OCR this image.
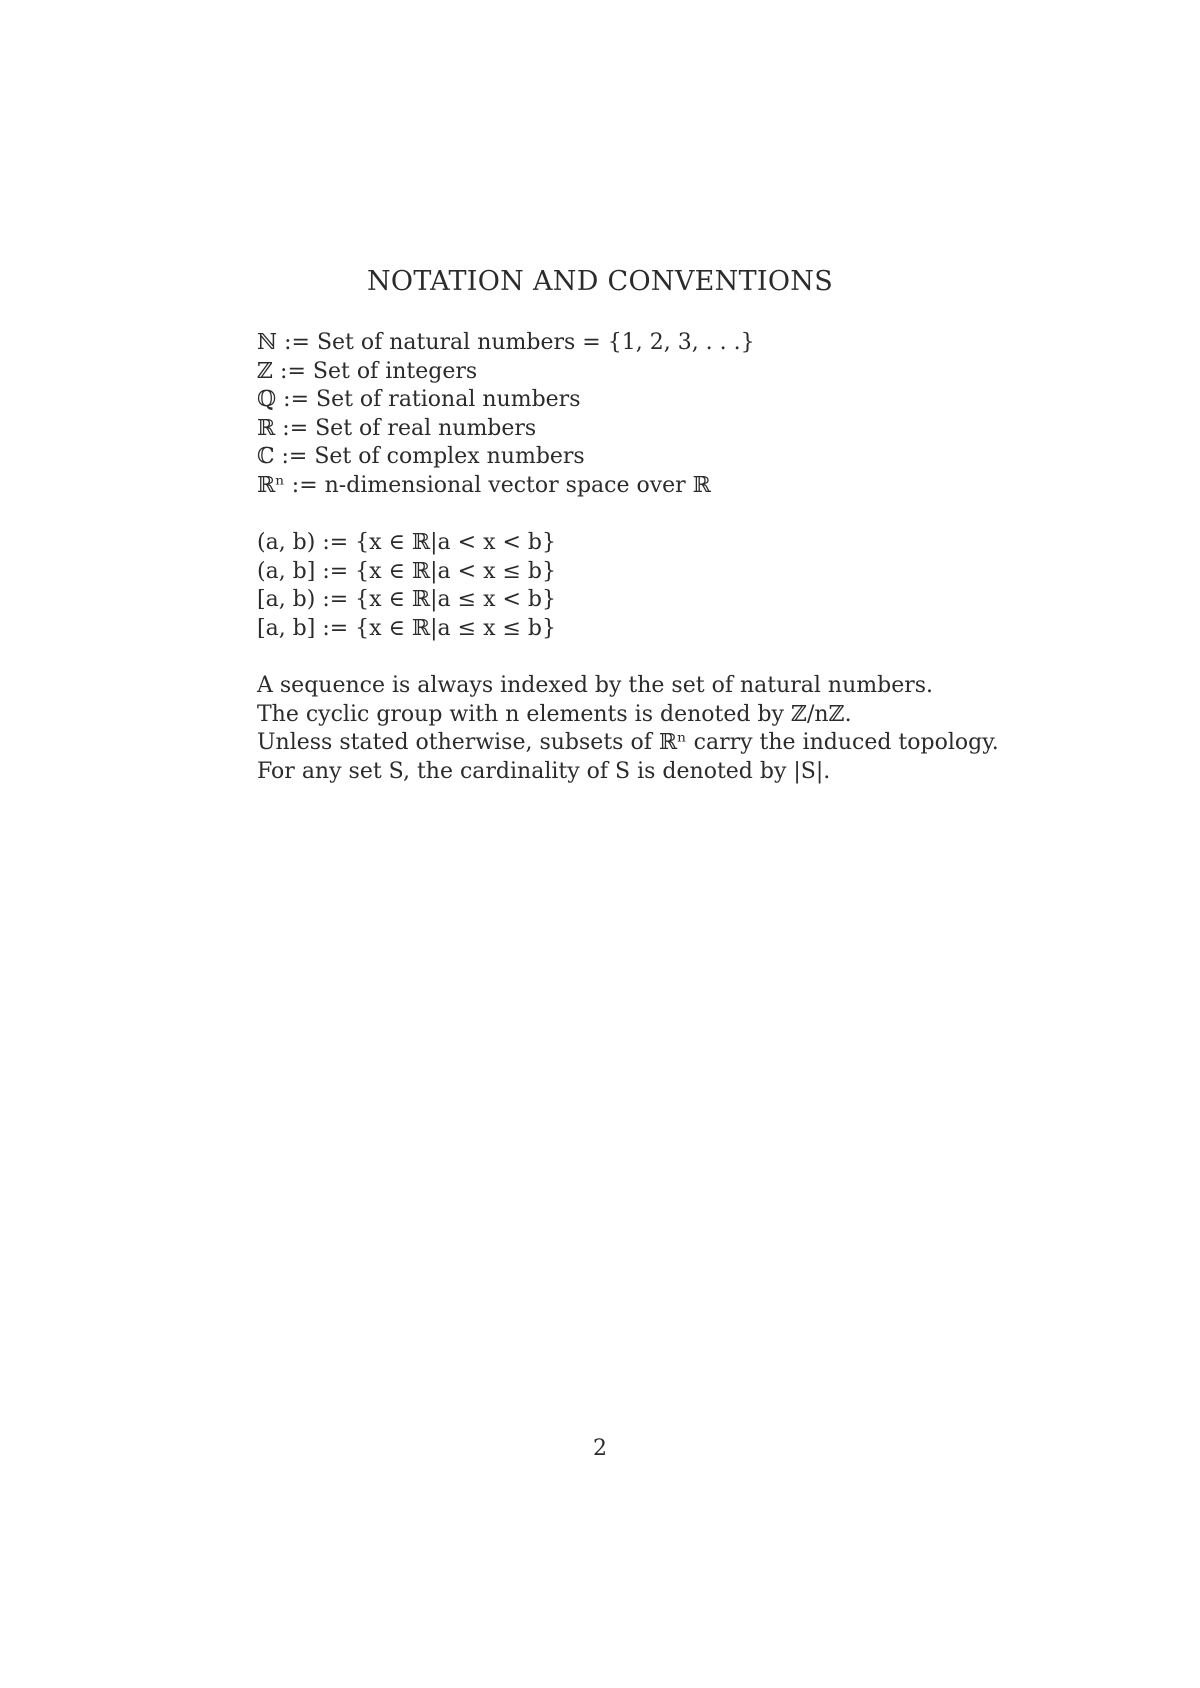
NOTATION AND CONVENTIONS
ℕ := Set of natural numbers = {1, 2, 3, . . .}
ℤ := Set of integers
ℚ := Set of rational numbers
ℝ := Set of real numbers
ℂ := Set of complex numbers
ℝⁿ := n-dimensional vector space over ℝ
(a, b) := {x ∈ ℝ|a < x < b}
(a, b] := {x ∈ ℝ|a < x ≤ b}
[a, b) := {x ∈ ℝ|a ≤ x < b}
[a, b] := {x ∈ ℝ|a ≤ x ≤ b}
A sequence is always indexed by the set of natural numbers.
The cyclic group with n elements is denoted by ℤ/nℤ.
Unless stated otherwise, subsets of ℝⁿ carry the induced topology.
For any set S, the cardinality of S is denoted by |S|.
2
